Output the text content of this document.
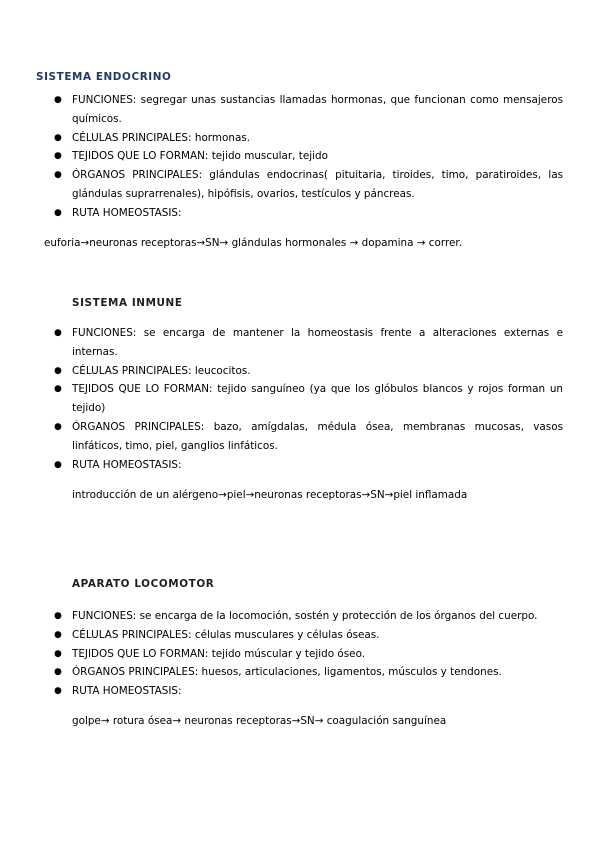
SISTEMA ENDOCRINO
● FUNCIONES: segregar unas sustancias llamadas hormonas, que funcionan como mensajeros químicos.
● CÉLULAS PRINCIPALES: hormonas.
● TEJIDOS QUE LO FORMAN: tejido muscular, tejido
● ÓRGANOS PRINCIPALES: glándulas endocrinas( pituitaria, tiroides, timo, paratiroides, las glándulas suprarrenales), hipófisis, ovarios, testículos y páncreas.
● RUTA HOMEOSTASIS:
euforia→neuronas receptoras→SN→ glándulas hormonales → dopamina → correr.
SISTEMA INMUNE
● FUNCIONES: se encarga de mantener la homeostasis frente a alteraciones externas e internas.
● CÉLULAS PRINCIPALES: leucocitos.
● TEJIDOS QUE LO FORMAN: tejido sanguíneo (ya que los glóbulos blancos y rojos forman un tejido)
● ÓRGANOS PRINCIPALES: bazo, amígdalas, médula ósea, membranas mucosas, vasos linfáticos, timo, piel, ganglios linfáticos.
● RUTA HOMEOSTASIS:
introducción de un alérgeno→piel→neuronas receptoras→SN→piel inflamada
APARATO LOCOMOTOR
● FUNCIONES: se encarga de la locomoción, sostén y protección de los órganos del cuerpo.
● CÉLULAS PRINCIPALES: células musculares y células óseas.
● TEJIDOS QUE LO FORMAN: tejido múscular y tejido óseo.
● ÓRGANOS PRINCIPALES: huesos, articulaciones, ligamentos, músculos y tendones.
● RUTA HOMEOSTASIS:
golpe→ rotura ósea→ neuronas receptoras→SN→ coagulación sanguínea
